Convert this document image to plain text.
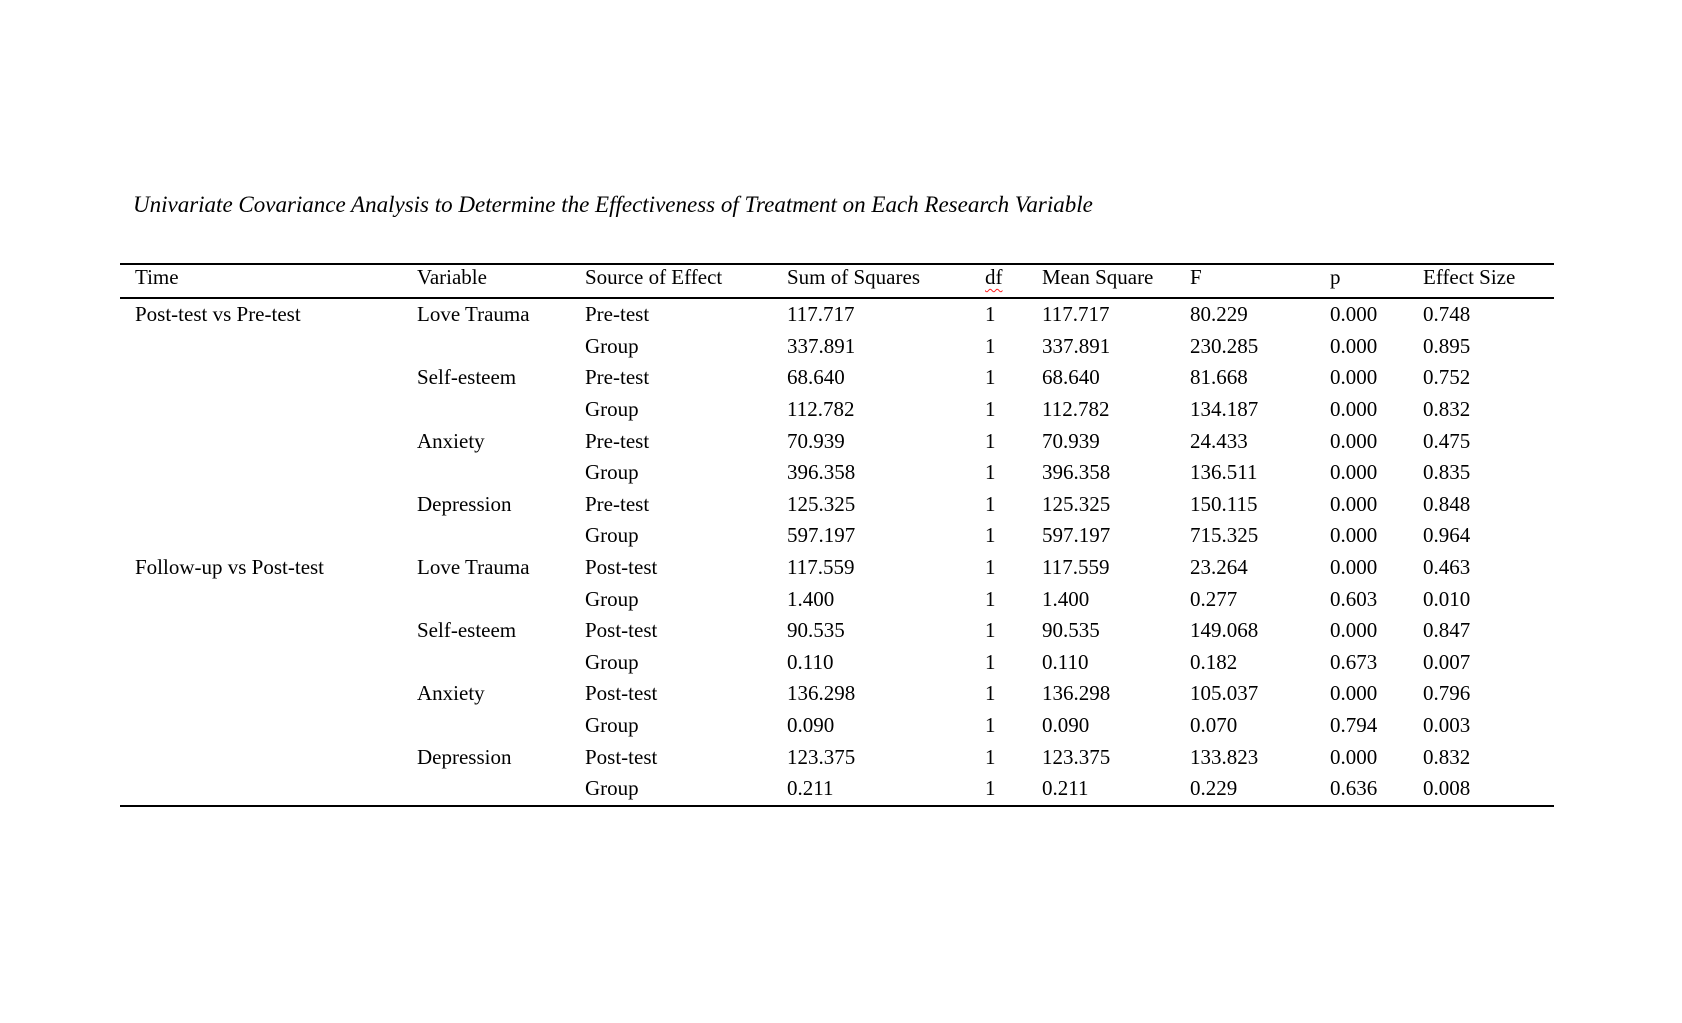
Univariate Covariance Analysis to Determine the Effectiveness of Treatment on Each Research Variable
Time	Variable	Source of Effect	Sum of Squares	df	Mean Square	F	p	Effect Size
Post-test vs Pre-test	Love Trauma	Pre-test	117.717	1	117.717	80.229	0.000	0.748
		Group	337.891	1	337.891	230.285	0.000	0.895
	Self-esteem	Pre-test	68.640	1	68.640	81.668	0.000	0.752
		Group	112.782	1	112.782	134.187	0.000	0.832
	Anxiety	Pre-test	70.939	1	70.939	24.433	0.000	0.475
		Group	396.358	1	396.358	136.511	0.000	0.835
	Depression	Pre-test	125.325	1	125.325	150.115	0.000	0.848
		Group	597.197	1	597.197	715.325	0.000	0.964
Follow-up vs Post-test	Love Trauma	Post-test	117.559	1	117.559	23.264	0.000	0.463
		Group	1.400	1	1.400	0.277	0.603	0.010
	Self-esteem	Post-test	90.535	1	90.535	149.068	0.000	0.847
		Group	0.110	1	0.110	0.182	0.673	0.007
	Anxiety	Post-test	136.298	1	136.298	105.037	0.000	0.796
		Group	0.090	1	0.090	0.070	0.794	0.003
	Depression	Post-test	123.375	1	123.375	133.823	0.000	0.832
		Group	0.211	1	0.211	0.229	0.636	0.008
